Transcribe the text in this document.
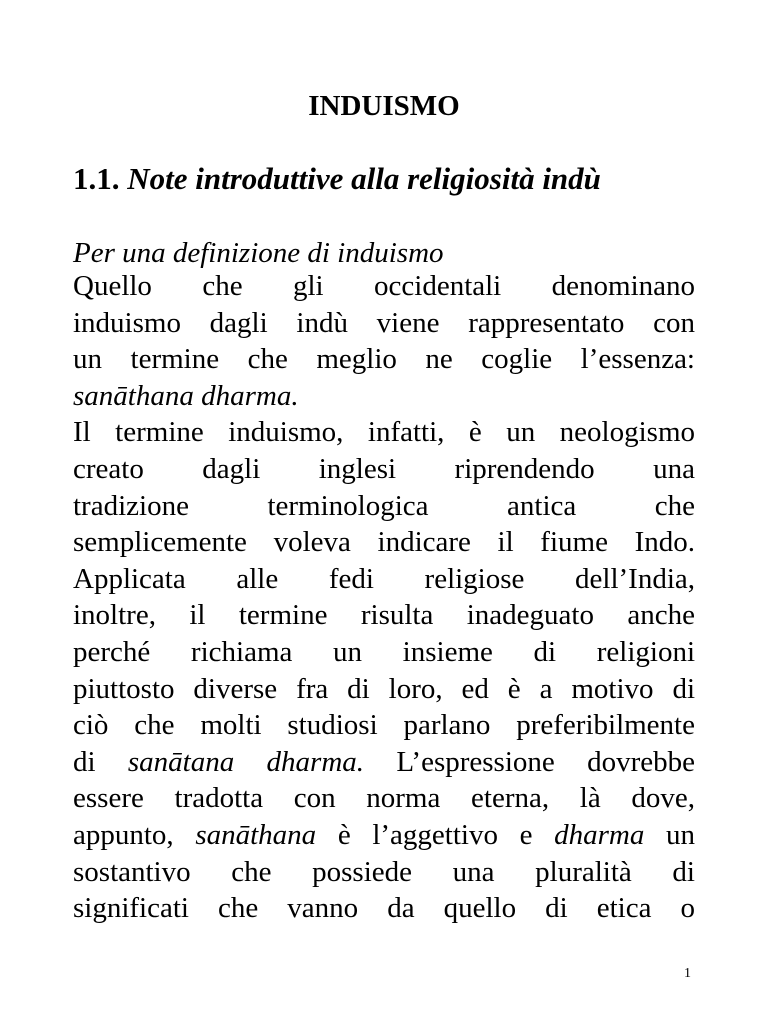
INDUISMO
1.1. Note introduttive alla religiosità indù
Per una definizione di induismo
Quello che gli occidentali denominano
induismo dagli indù viene rappresentato con
un termine che meglio ne coglie l’essenza:
sanāthana dharma.
Il termine induismo, infatti, è un neologismo
creato dagli inglesi riprendendo una
tradizione terminologica antica che
semplicemente voleva indicare il fiume Indo.
Applicata alle fedi religiose dell’India,
inoltre, il termine risulta inadeguato anche
perché richiama un insieme di religioni
piuttosto diverse fra di loro, ed è a motivo di
ciò che molti studiosi parlano preferibilmente
di sanātana dharma. L’espressione dovrebbe
essere tradotta con norma eterna, là dove,
appunto, sanāthana è l’aggettivo e dharma un
sostantivo che possiede una pluralità di
significati che vanno da quello di etica o
1
